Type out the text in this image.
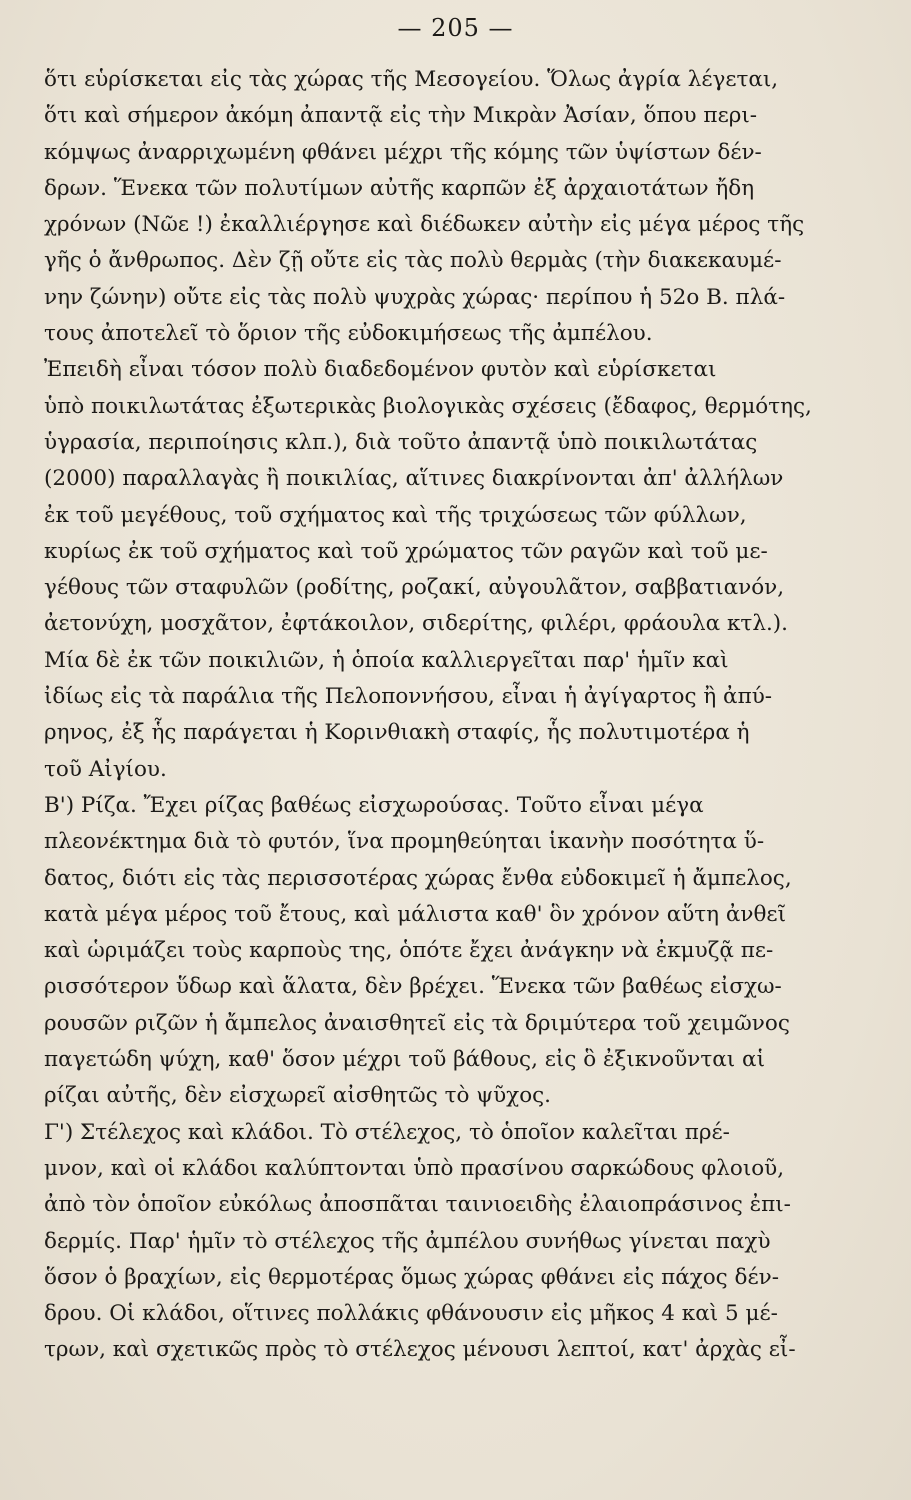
— 205 —
ὅτι εὑρίσκεται εἰς τὰς χώρας τῆς Μεσογείου. Ὅλως ἀγρία λέγεται,
ὅτι καὶ σήμερον ἀκόμη ἀπαντᾷ εἰς τὴν Μικρὰν Ἀσίαν, ὅπου περι-
κόμψως ἀναρριχωμένη φθάνει μέχρι τῆς κόμης τῶν ὑψίστων δέν-
δρων. Ἕνεκα τῶν πολυτίμων αὐτῆς καρπῶν ἐξ ἀρχαιοτάτων ἤδη
χρόνων (Νῶε !) ἐκαλλιέργησε καὶ διέδωκεν αὐτὴν εἰς μέγα μέρος τῆς
γῆς ὁ ἄνθρωπος. Δὲν ζῇ οὔτε εἰς τὰς πολὺ θερμὰς (τὴν διακεκαυμέ-
νην ζώνην) οὔτε εἰς τὰς πολὺ ψυχρὰς χώρας· περίπου ἡ 52ο Β. πλά-
τους ἀποτελεῖ τὸ ὅριον τῆς εὐδοκιμήσεως τῆς ἀμπέλου.
Ἐπειδὴ εἶναι τόσον πολὺ διαδεδομένον φυτὸν καὶ εὑρίσκεται
ὑπὸ ποικιλωτάτας ἐξωτερικὰς βιολογικὰς σχέσεις (ἔδαφος, θερμότης,
ὑγρασία, περιποίησις κλπ.), διὰ τοῦτο ἀπαντᾷ ὑπὸ ποικιλωτάτας
(2000) παραλλαγὰς ἢ ποικιλίας, αἵτινες διακρίνονται ἀπ' ἀλλήλων
ἐκ τοῦ μεγέθους, τοῦ σχήματος καὶ τῆς τριχώσεως τῶν φύλλων,
κυρίως ἐκ τοῦ σχήματος καὶ τοῦ χρώματος τῶν ραγῶν καὶ τοῦ με-
γέθους τῶν σταφυλῶν (ροδίτης, ροζακί, αὐγουλᾶτον, σαββατιανόν,
ἀετονύχη, μοσχᾶτον, ἐφτάκοιλον, σιδερίτης, φιλέρι, φράουλα κτλ.).
Μία δὲ ἐκ τῶν ποικιλιῶν, ἡ ὁποία καλλιεργεῖται παρ' ἡμῖν καὶ
ἰδίως εἰς τὰ παράλια τῆς Πελοποννήσου, εἶναι ἡ ἀγίγαρτος ἢ ἀπύ-
ρηνος, ἐξ ἧς παράγεται ἡ Κορινθιακὴ σταφίς, ἧς πολυτιμοτέρα ἡ
τοῦ Αἰγίου.
Β') Ρίζα. Ἔχει ρίζας βαθέως εἰσχωρούσας. Τοῦτο εἶναι μέγα
πλεονέκτημα διὰ τὸ φυτόν, ἵνα προμηθεύηται ἱκανὴν ποσότητα ὕ-
δατος, διότι εἰς τὰς περισσοτέρας χώρας ἔνθα εὐδοκιμεῖ ἡ ἄμπελος,
κατὰ μέγα μέρος τοῦ ἔτους, καὶ μάλιστα καθ' ὃν χρόνον αὕτη ἀνθεῖ
καὶ ὡριμάζει τοὺς καρποὺς της, ὁπότε ἔχει ἀνάγκην νὰ ἐκμυζᾷ πε-
ρισσότερον ὕδωρ καὶ ἅλατα, δὲν βρέχει. Ἕνεκα τῶν βαθέως εἰσχω-
ρουσῶν ριζῶν ἡ ἄμπελος ἀναισθητεῖ εἰς τὰ δριμύτερα τοῦ χειμῶνος
παγετώδη ψύχη, καθ' ὅσον μέχρι τοῦ βάθους, εἰς ὃ ἐξικνοῦνται αἱ
ρίζαι αὐτῆς, δὲν εἰσχωρεῖ αἰσθητῶς τὸ ψῦχος.
Γ') Στέλεχος καὶ κλάδοι. Τὸ στέλεχος, τὸ ὁποῖον καλεῖται πρέ-
μνον, καὶ οἱ κλάδοι καλύπτονται ὑπὸ πρασίνου σαρκώδους φλοιοῦ,
ἀπὸ τὸν ὁποῖον εὐκόλως ἀποσπᾶται ταινιοειδὴς ἐλαιοπράσινος ἐπι-
δερμίς. Παρ' ἡμῖν τὸ στέλεχος τῆς ἀμπέλου συνήθως γίνεται παχὺ
ὅσον ὁ βραχίων, εἰς θερμοτέρας ὅμως χώρας φθάνει εἰς πάχος δέν-
δρου. Οἱ κλάδοι, οἵτινες πολλάκις φθάνουσιν εἰς μῆκος 4 καὶ 5 μέ-
τρων, καὶ σχετικῶς πρὸς τὸ στέλεχος μένουσι λεπτοί, κατ' ἀρχὰς εἶ-
